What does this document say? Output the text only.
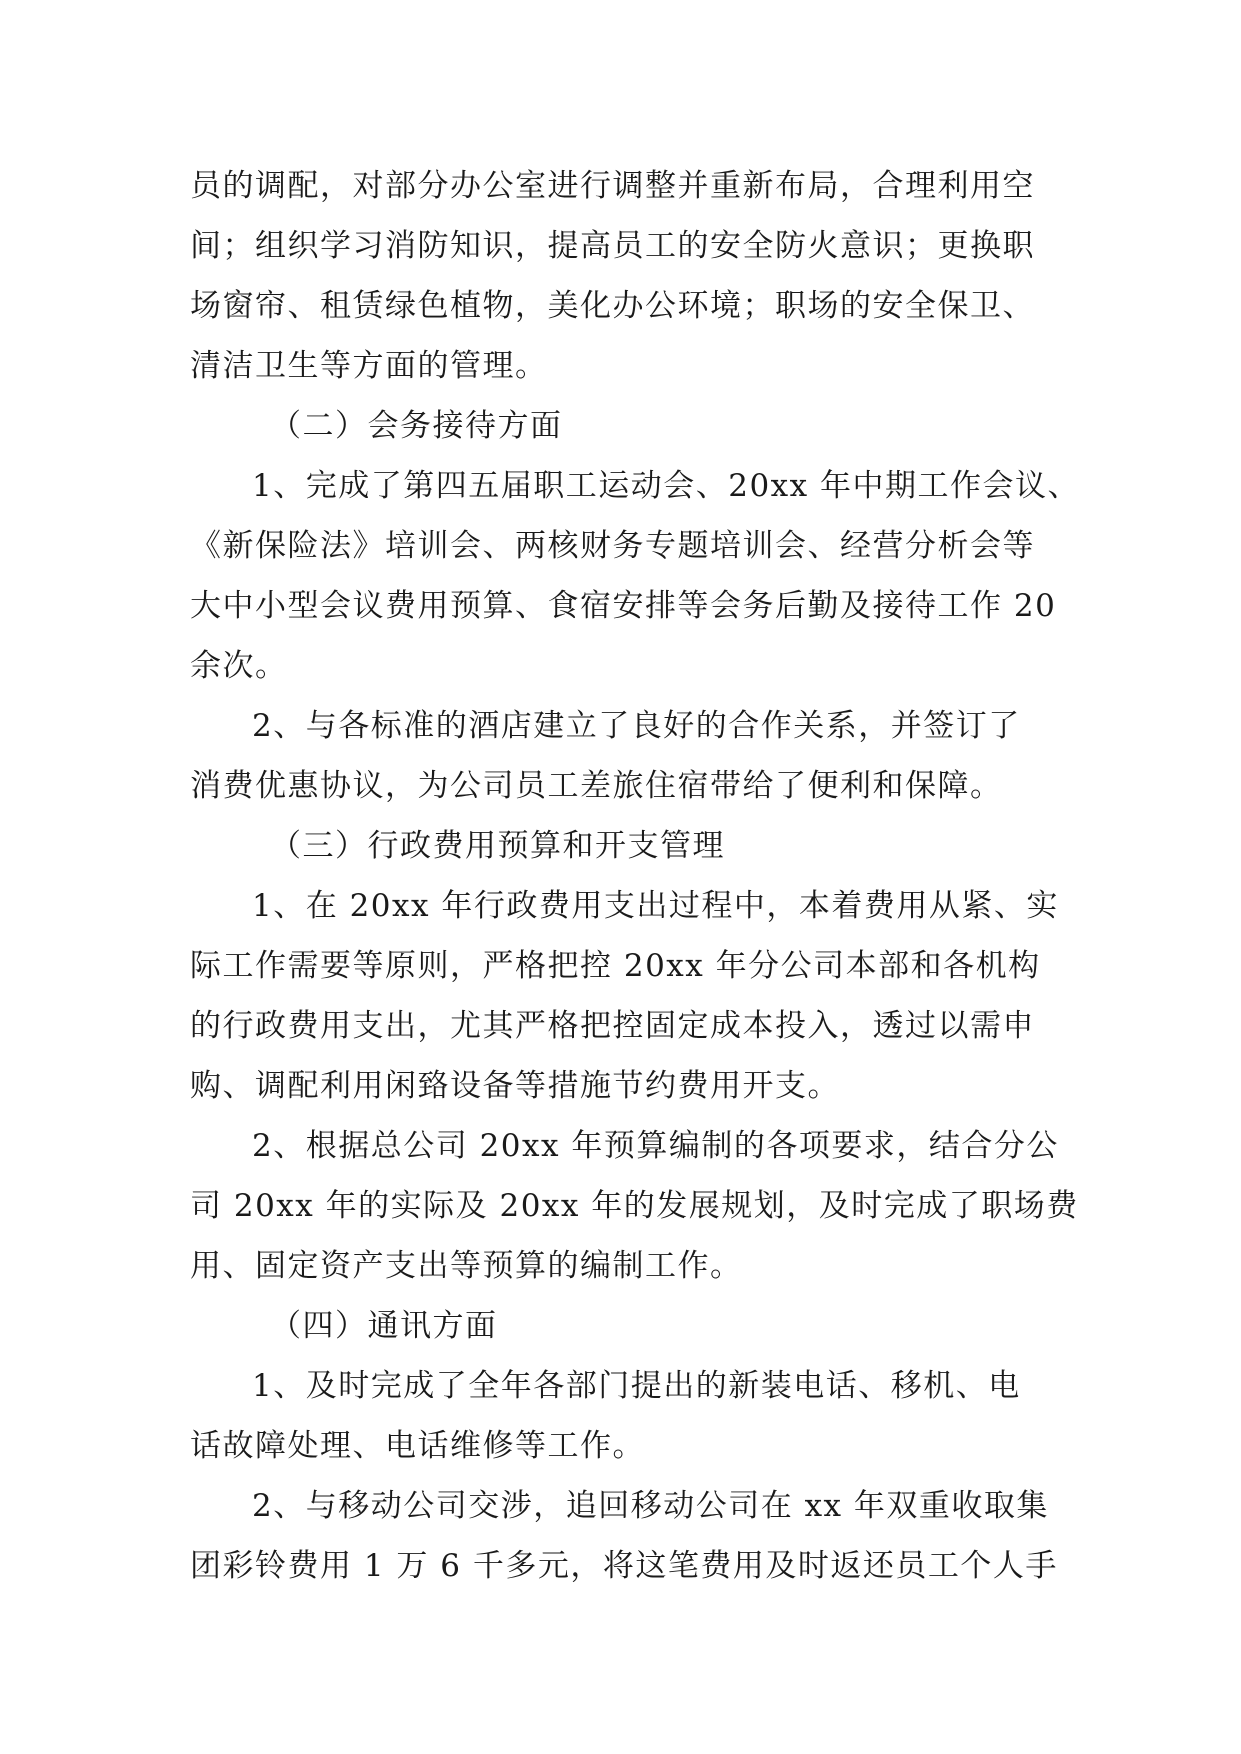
员的调配，对部分办公室进行调整并重新布局，合理利用空
间；组织学习消防知识，提高员工的安全防火意识；更换职
场窗帘、租赁绿色植物，美化办公环境；职场的安全保卫、
清洁卫生等方面的管理。
（二）会务接待方面
1、完成了第四五届职工运动会、20xx 年中期工作会议、
《新保险法》培训会、两核财务专题培训会、经营分析会等
大中小型会议费用预算、食宿安排等会务后勤及接待工作 20
余次。
2、与各标准的酒店建立了良好的合作关系，并签订了
消费优惠协议，为公司员工差旅住宿带给了便利和保障。
（三）行政费用预算和开支管理
1、在 20xx 年行政费用支出过程中，本着费用从紧、实
际工作需要等原则，严格把控 20xx 年分公司本部和各机构
的行政费用支出，尤其严格把控固定成本投入，透过以需申
购、调配利用闲臵设备等措施节约费用开支。
2、根据总公司 20xx 年预算编制的各项要求，结合分公
司 20xx 年的实际及 20xx 年的发展规划，及时完成了职场费
用、固定资产支出等预算的编制工作。
（四）通讯方面
1、及时完成了全年各部门提出的新装电话、移机、电
话故障处理、电话维修等工作。
2、与移动公司交涉，追回移动公司在 xx 年双重收取集
团彩铃费用 1 万 6 千多元，将这笔费用及时返还员工个人手
